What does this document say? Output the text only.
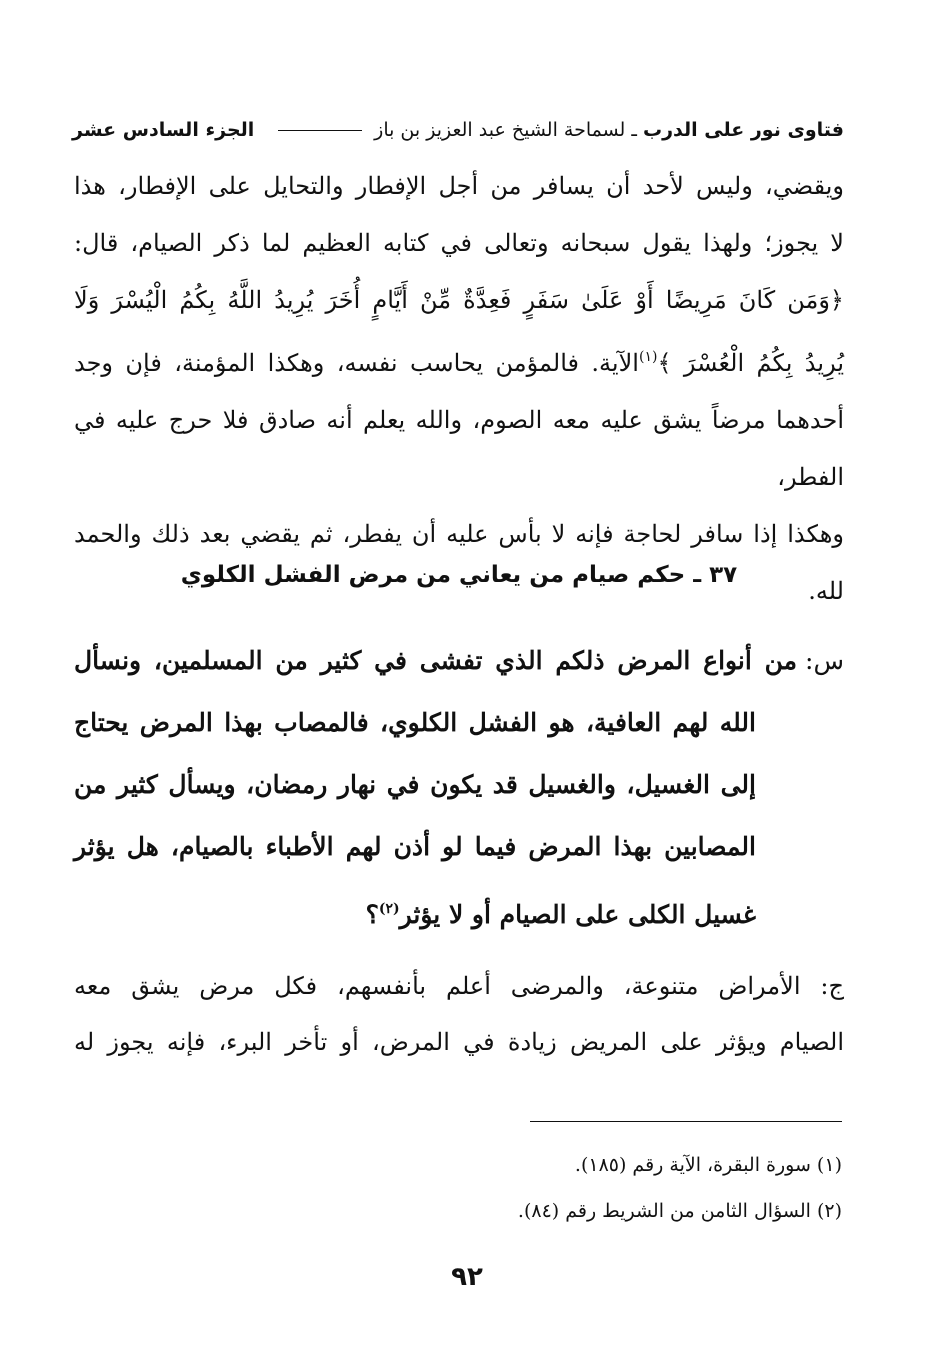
فتاوى نور على الدرب ـ لسماحة الشيخ عبد العزيز بن باز
الجزء السادس عشر
ويقضي، وليس لأحد أن يسافر من أجل الإفطار والتحايل على الإفطار، هذا
لا يجوز؛ ولهذا يقول سبحانه وتعالى في كتابه العظيم لما ذكر الصيام، قال:
﴿وَمَن كَانَ مَرِيضًا أَوْ عَلَىٰ سَفَرٍ فَعِدَّةٌ مِّنْ أَيَّامٍ أُخَرَ يُرِيدُ اللَّهُ بِكُمُ الْيُسْرَ وَلَا
يُرِيدُ بِكُمُ الْعُسْرَ ﴾$^{(١)}$الآية. فالمؤمن يحاسب نفسه، وهكذا المؤمنة، فإن وجد
أحدهما مرضاً يشق عليه معه الصوم، والله يعلم أنه صادق فلا حرج عليه في الفطر،
وهكذا إذا سافر لحاجة فإنه لا بأس عليه أن يفطر، ثم يقضي بعد ذلك والحمد لله.
٣٧ ـ حكم صيام من يعاني من مرض الفشل الكلوي
س:من أنواع المرض ذلكم الذي تفشى في كثير من المسلمين، ونسأل
الله لهم العافية، هو الفشل الكلوي، فالمصاب بهذا المرض يحتاج
إلى الغسيل، والغسيل قد يكون في نهار رمضان، ويسأل كثير من
المصابين بهذا المرض فيما لو أذن لهم الأطباء بالصيام، هل يؤثر
غسيل الكلى على الصيام أو لا يؤثر$^{(٢)}$؟
ج: الأمراض متنوعة، والمرضى أعلم بأنفسهم، فكل مرض يشق معه
الصيام ويؤثر على المريض زيادة في المرض، أو تأخر البرء، فإنه يجوز له
(١) سورة البقرة، الآية رقم (١٨٥).
(٢) السؤال الثامن من الشريط رقم (٨٤).
٩٢
